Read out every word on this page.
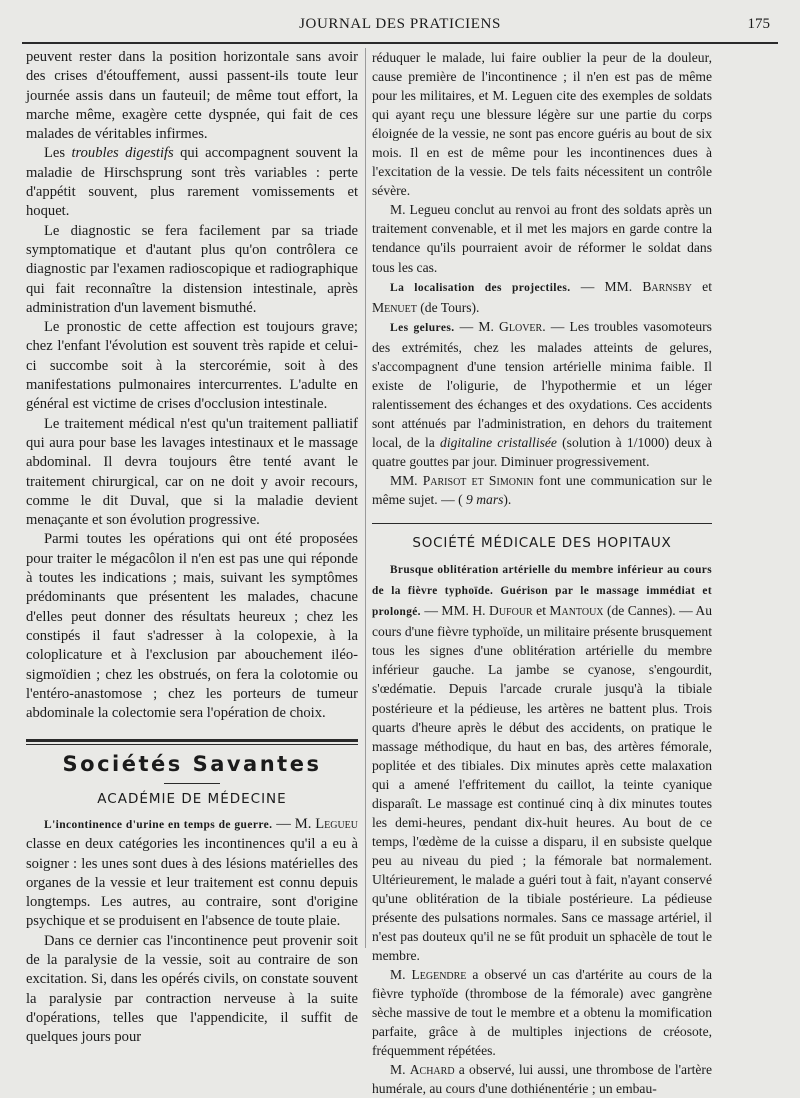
JOURNAL DES PRATICIENS	175

peuvent rester dans la position horizontale sans avoir des crises d'étouffement, aussi passent-ils toute leur journée assis dans un fauteuil; de même tout effort, la marche même, exagère cette dyspnée, qui fait de ces malades de véritables infirmes.

Les troubles digestifs qui accompagnent souvent la maladie de Hirschsprung sont très variables : perte d'appétit souvent, plus rarement vomissements et hoquet.

Le diagnostic se fera facilement par sa triade symptomatique et d'autant plus qu'on contrôlera ce diagnostic par l'examen radioscopique et radiographique qui fait reconnaître la distension intestinale, après administration d'un lavement bismuthé.

Le pronostic de cette affection est toujours grave; chez l'enfant l'évolution est souvent très rapide et celui-ci succombe soit à la stercorémie, soit à des manifestations pulmonaires intercurrentes. L'adulte en général est victime de crises d'occlusion intestinale.

Le traitement médical n'est qu'un traitement palliatif qui aura pour base les lavages intestinaux et le massage abdominal. Il devra toujours être tenté avant le traitement chirurgical, car on ne doit y avoir recours, comme le dit Duval, que si la maladie devient menaçante et son évolution progressive.

Parmi toutes les opérations qui ont été proposées pour traiter le mégacôlon il n'en est pas une qui réponde à toutes les indications ; mais, suivant les symptômes prédominants que présentent les malades, chacune d'elles peut donner des résultats heureux ; chez les constipés il faut s'adresser à la colopexie, à la coloplicature et à l'exclusion par abouchement iléo-sigmoïdien ; chez les obstrués, on fera la colotomie ou l'entéro-anastomose ; chez les porteurs de tumeur abdominale la colectomie sera l'opération de choix.

Sociétés Savantes
ACADÉMIE DE MÉDECINE

L'incontinence d'urine en temps de guerre. — M. Legueu classe en deux catégories les incontinences qu'il a eu à soigner : les unes sont dues à des lésions matérielles des organes de la vessie et leur traitement est connu depuis longtemps. Les autres, au contraire, sont d'origine psychique et se produisent en l'absence de toute plaie.

Dans ce dernier cas l'incontinence peut provenir soit de la paralysie de la vessie, soit au contraire de son excitation. Si, dans les opérés civils, on constate souvent la paralysie par contraction nerveuse à la suite d'opérations, telles que l'appendicite, il suffit de quelques jours pour

réduquer le malade, lui faire oublier la peur de la douleur, cause première de l'incontinence ; il n'en est pas de même pour les militaires, et M. Leguen cite des exemples de soldats qui ayant reçu une blessure légère sur une partie du corps éloignée de la vessie, ne sont pas encore guéris au bout de six mois. Il en est de même pour les incontinences dues à l'excitation de la vessie. De tels faits nécessitent un contrôle sévère.

M. Legueu conclut au renvoi au front des soldats après un traitement convenable, et il met les majors en garde contre la tendance qu'ils pourraient avoir de réformer le soldat dans tous les cas.

La localisation des projectiles. — MM. Barnsby et Menuet (de Tours).

Les gelures. — M. Glover. — Les troubles vasomoteurs des extrémités, chez les malades atteints de gelures, s'accompagnent d'une tension artérielle minima faible. Il existe de l'oligurie, de l'hypothermie et un léger ralentissement des échanges et des oxydations. Ces accidents sont atténués par l'administration, en dehors du traitement local, de la digitaline cristallisée (solution à 1/1000) deux à quatre gouttes par jour. Diminuer progressivement.

MM. Parisot et Simonin font une communication sur le même sujet. — ( 9 mars).

SOCIÉTÉ MÉDICALE DES HOPITAUX

Brusque oblitération artérielle du membre inférieur au cours de la fièvre typhoïde. Guérison par le massage immédiat et prolongé. — MM. H. Dufour et Mantoux (de Cannes). — Au cours d'une fièvre typhoïde, un militaire présente brusquement tous les signes d'une oblitération artérielle du membre inférieur gauche. La jambe se cyanose, s'engourdit, s'œdématie. Depuis l'arcade crurale jusqu'à la tibiale postérieure et la pédieuse, les artères ne battent plus. Trois quarts d'heure après le début des accidents, on pratique le massage méthodique, du haut en bas, des artères fémorale, poplitée et des tibiales. Dix minutes après cette malaxation qui a amené l'effritement du caillot, la teinte cyanique disparaît. Le massage est continué cinq à dix minutes toutes les demi-heures, pendant dix-huit heures. Au bout de ce temps, l'œdème de la cuisse a disparu, il en subsiste quelque peu au niveau du pied ; la fémorale bat normalement. Ultérieurement, le malade a guéri tout à fait, n'ayant conservé qu'une oblitération de la tibiale postérieure. La pédieuse présente des pulsations normales. Sans ce massage artériel, il n'est pas douteux qu'il ne se fût produit un sphacèle de tout le membre.

M. Legendre a observé un cas d'artérite au cours de la fièvre typhoïde (thrombose de la fémorale) avec gangrène sèche massive de tout le membre et a obtenu la momification parfaite, grâce à de multiples injections de créosote, fréquemment répétées.

M. Achard a observé, lui aussi, une thrombose de l'artère humérale, au cours d'une dothiénentérie ; un embau-
